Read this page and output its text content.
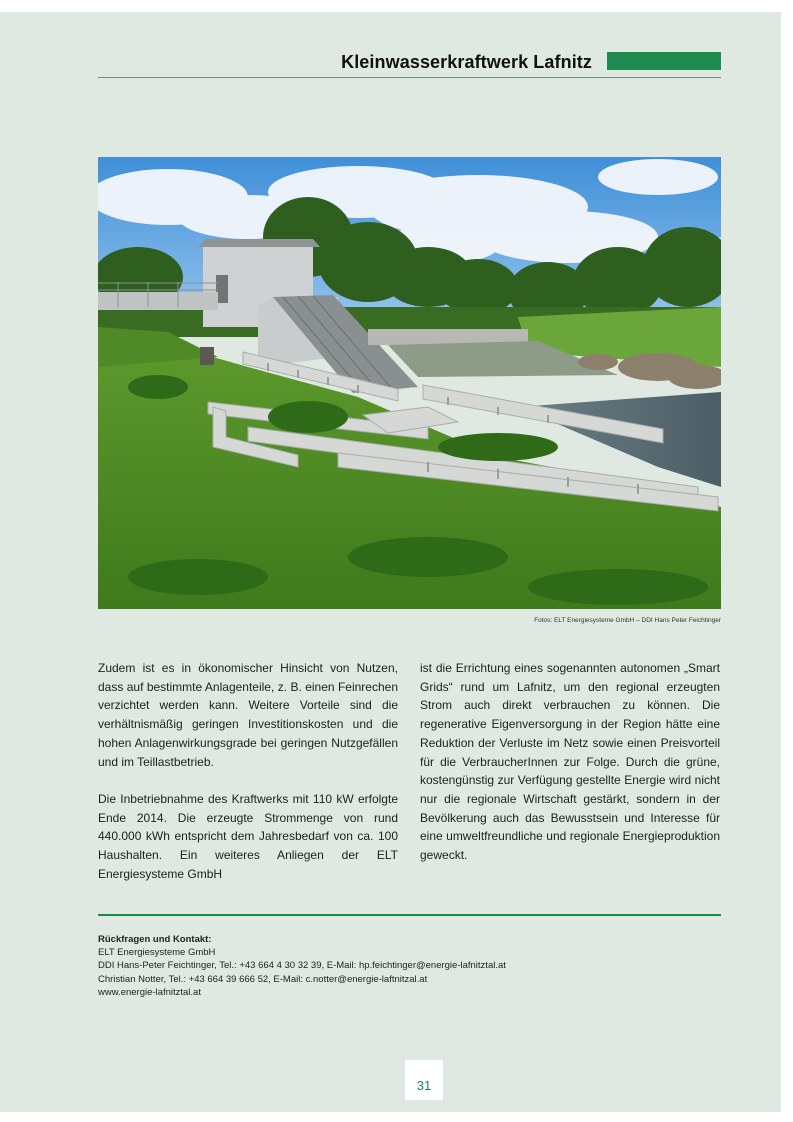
Kleinwasserkraftwerk Lafnitz
Fotos: ELT Energiesysteme GmbH – DDI Hans Peter Feichtinger

Zudem ist es in ökonomischer Hinsicht von Nutzen, dass auf bestimmte Anlagenteile, z. B. einen Feinrechen verzichtet werden kann. Weitere Vorteile sind die verhältnismäßig geringen Investitionskosten und die hohen Anlagenwirkungsgrade bei geringen Nutzgefällen und im Teillastbetrieb.

Die Inbetriebnahme des Kraftwerks mit 110 kW erfolgte Ende 2014. Die erzeugte Strommenge von rund 440.000 kWh entspricht dem Jahresbedarf von ca. 100 Haushalten. Ein weiteres Anliegen der ELT Energiesysteme GmbH

ist die Errichtung eines sogenannten autonomen „Smart Grids“ rund um Lafnitz, um den regional erzeugten Strom auch direkt verbrauchen zu können. Die regenerative Eigenversorgung in der Region hätte eine Reduktion der Verluste im Netz sowie einen Preisvorteil für die VerbraucherInnen zur Folge. Durch die grüne, kostengünstig zur Verfügung gestellte Energie wird nicht nur die regionale Wirtschaft gestärkt, sondern in der Bevölkerung auch das Bewusstsein und Interesse für eine umweltfreundliche und regionale Energieproduktion geweckt.

Rückfragen und Kontakt:
ELT Energiesysteme GmbH
DDI Hans-Peter Feichtinger, Tel.: +43 664 4 30 32 39, E-Mail: hp.feichtinger@energie-lafnitztal.at
Christian Notter, Tel.: +43 664 39 666 52, E-Mail: c.notter@energie-laftnitzal.at
www.energie-lafnitztal.at
31
